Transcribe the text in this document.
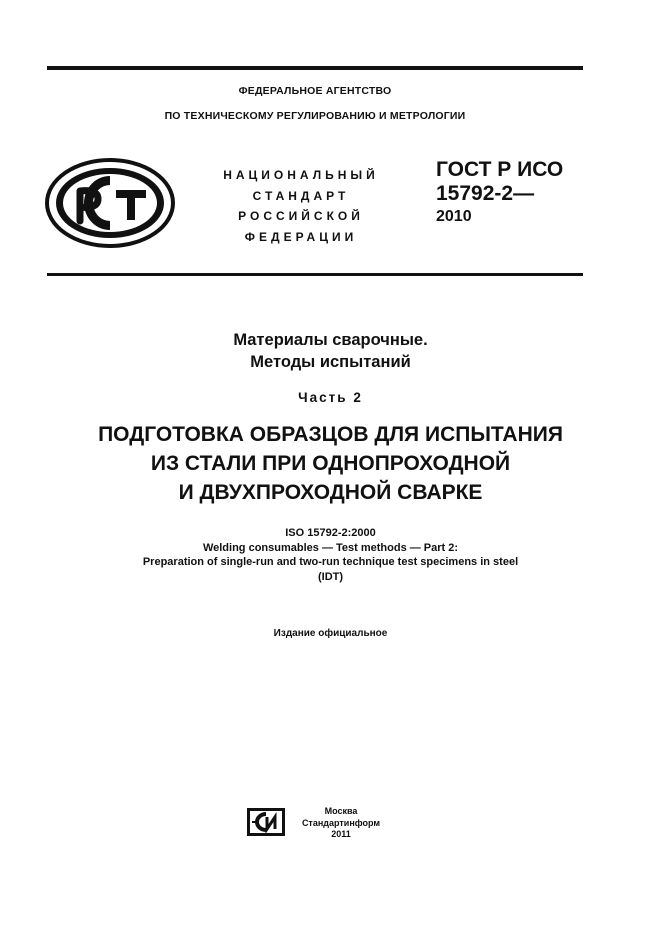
ФЕДЕРАЛЬНОЕ АГЕНТСТВО
ПО ТЕХНИЧЕСКОМУ РЕГУЛИРОВАНИЮ И МЕТРОЛОГИИ
НАЦИОНАЛЬНЫЙ
СТАНДАРТ
РОССИЙСКОЙ
ФЕДЕРАЦИИ
ГОСТ Р ИСО
15792-2—
2010
Материалы сварочные.
Методы испытаний
Часть 2
ПОДГОТОВКА ОБРАЗЦОВ ДЛЯ ИСПЫТАНИЯ
ИЗ СТАЛИ ПРИ ОДНОПРОХОДНОЙ
И ДВУХПРОХОДНОЙ СВАРКЕ
ISO 15792-2:2000
Welding consumables — Test methods — Part 2:
Preparation of single-run and two-run technique test specimens in steel
(IDT)
Издание официальное
Москва
Стандартинформ
2011
